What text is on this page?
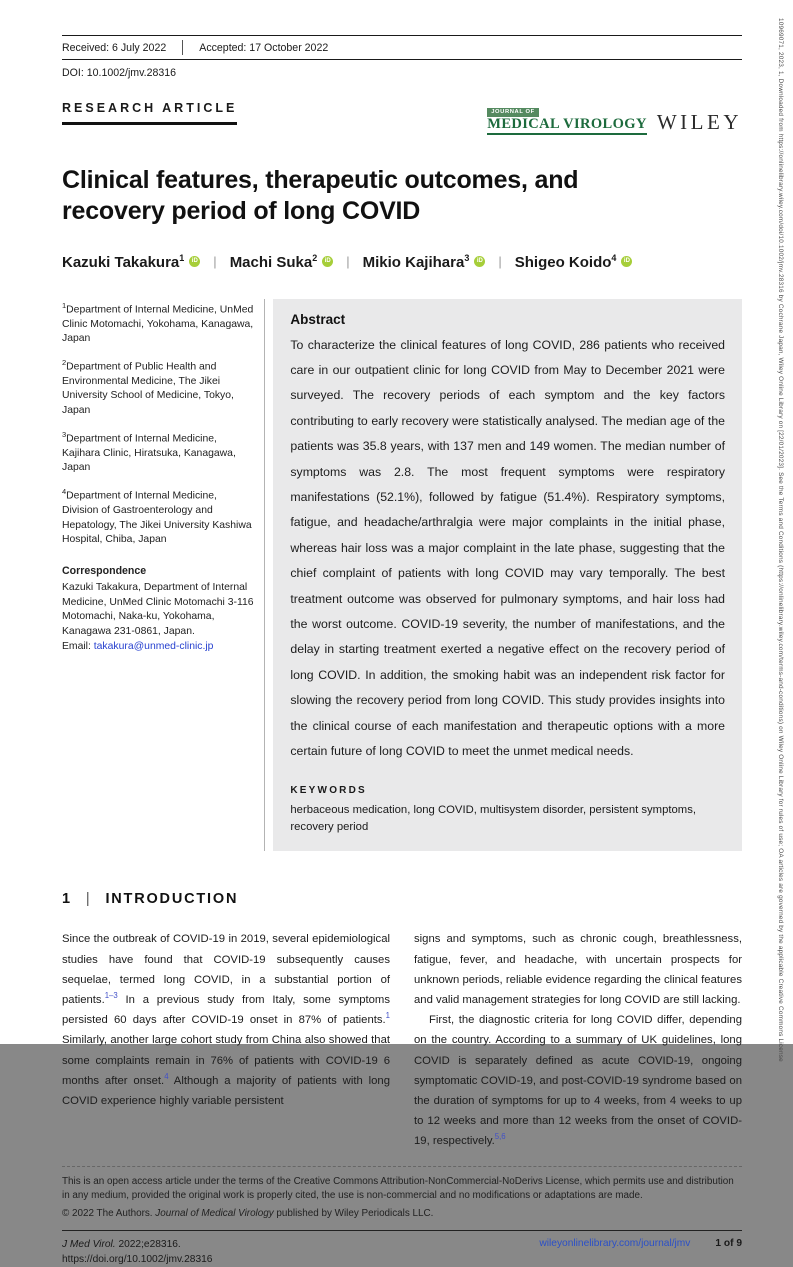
10969071, 2023, 1, Downloaded from https://onlinelibrary.wiley.com/doi/10.1002/jmv.28316 by Cochrane Japan, Wiley Online Library on [22/01/2023]. See the Terms and Conditions (https://onlinelibrary.wiley.com/terms-and-conditions) on Wiley Online Library for rules of use; OA articles are governed by the applicable Creative Commons License
Received: 6 July 2022	Accepted: 17 October 2022
DOI: 10.1002/jmv.28316
RESEARCH ARTICLE	JOURNAL OF
MEDICAL VIROLOGY WILEY
Clinical features, therapeutic outcomes, and recovery period of long COVID
Kazuki Takakura$^1$	iD | Machi Suka$^2$	iD | Mikio Kajihara$^3$	iD | Shigeo Koido$^4$	iD

$^1$Department of Internal Medicine, UnMed Clinic Motomachi, Yokohama, Kanagawa, Japan

$^2$Department of Public Health and Environmental Medicine, The Jikei University School of Medicine, Tokyo, Japan

$^3$Department of Internal Medicine, Kajihara Clinic, Hiratsuka, Kanagawa, Japan

$^4$Department of Internal Medicine, Division of Gastroenterology and Hepatology, The Jikei University Kashiwa Hospital, Chiba, Japan

Correspondence

Kazuki Takakura, Department of Internal Medicine, UnMed Clinic Motomachi 3-116 Motomachi, Naka-ku, Yokohama, Kanagawa 231-0861, Japan.
Email: takakura@unmed-clinic.jp

Abstract

To characterize the clinical features of long COVID, 286 patients who received care in our outpatient clinic for long COVID from May to December 2021 were surveyed. The recovery periods of each symptom and the key factors contributing to early recovery were statistically analysed. The median age of the patients was 35.8 years, with 137 men and 149 women. The median number of symptoms was 2.8. The most frequent symptoms were respiratory manifestations (52.1%), followed by fatigue (51.4%). Respiratory symptoms, fatigue, and headache/arthralgia were major complaints in the initial phase, whereas hair loss was a major complaint in the late phase, suggesting that the chief complaint of patients with long COVID may vary temporally. The best treatment outcome was observed for pulmonary symptoms, and hair loss had the worst outcome. COVID-19 severity, the number of manifestations, and the delay in starting treatment exerted a negative effect on the recovery period of long COVID. In addition, the smoking habit was an independent risk factor for slowing the recovery period from long COVID. This study provides insights into the clinical course of each manifestation and therapeutic options with a more certain future of long COVID to meet the unmet medical needs.

KEYWORDS

herbaceous medication, long COVID, multisystem disorder, persistent symptoms, recovery period

1 | INTRODUCTION

Since the outbreak of COVID-19 in 2019, several epidemiological studies have found that COVID-19 subsequently causes sequelae, termed long COVID, in a substantial portion of patients.$^{1-3}$ In a previous study from Italy, some symptoms persisted 60 days after COVID-19 onset in 87% of patients.$^1$ Similarly, another large cohort study from China also showed that some complaints remain in 76% of patients with COVID-19 6 months after onset.$^4$ Although a majority of patients with long COVID experience highly variable persistent

signs and symptoms, such as chronic cough, breathlessness, fatigue, fever, and headache, with uncertain prospects for unknown periods, reliable evidence regarding the clinical features and valid management strategies for long COVID are still lacking.

First, the diagnostic criteria for long COVID differ, depending on the country. According to a summary of UK guidelines, long COVID is separately defined as acute COVID-19, ongoing symptomatic COVID-19, and post-COVID-19 syndrome based on the duration of symptoms for up to 4 weeks, from 4 weeks to up to 12 weeks and more than 12 weeks from the onset of COVID-19, respectively.$^{5,6}$

This is an open access article under the terms of the Creative Commons Attribution-NonCommercial-NoDerivs License, which permits use and distribution in any medium, provided the original work is properly cited, the use is non-commercial and no modifications or adaptations are made.

© 2022 The Authors. Journal of Medical Virology published by Wiley Periodicals LLC.

J Med Virol. 2022;e28316.
https://doi.org/10.1002/jmv.28316
wileyonlinelibrary.com/journal/jmv 1 of 9
